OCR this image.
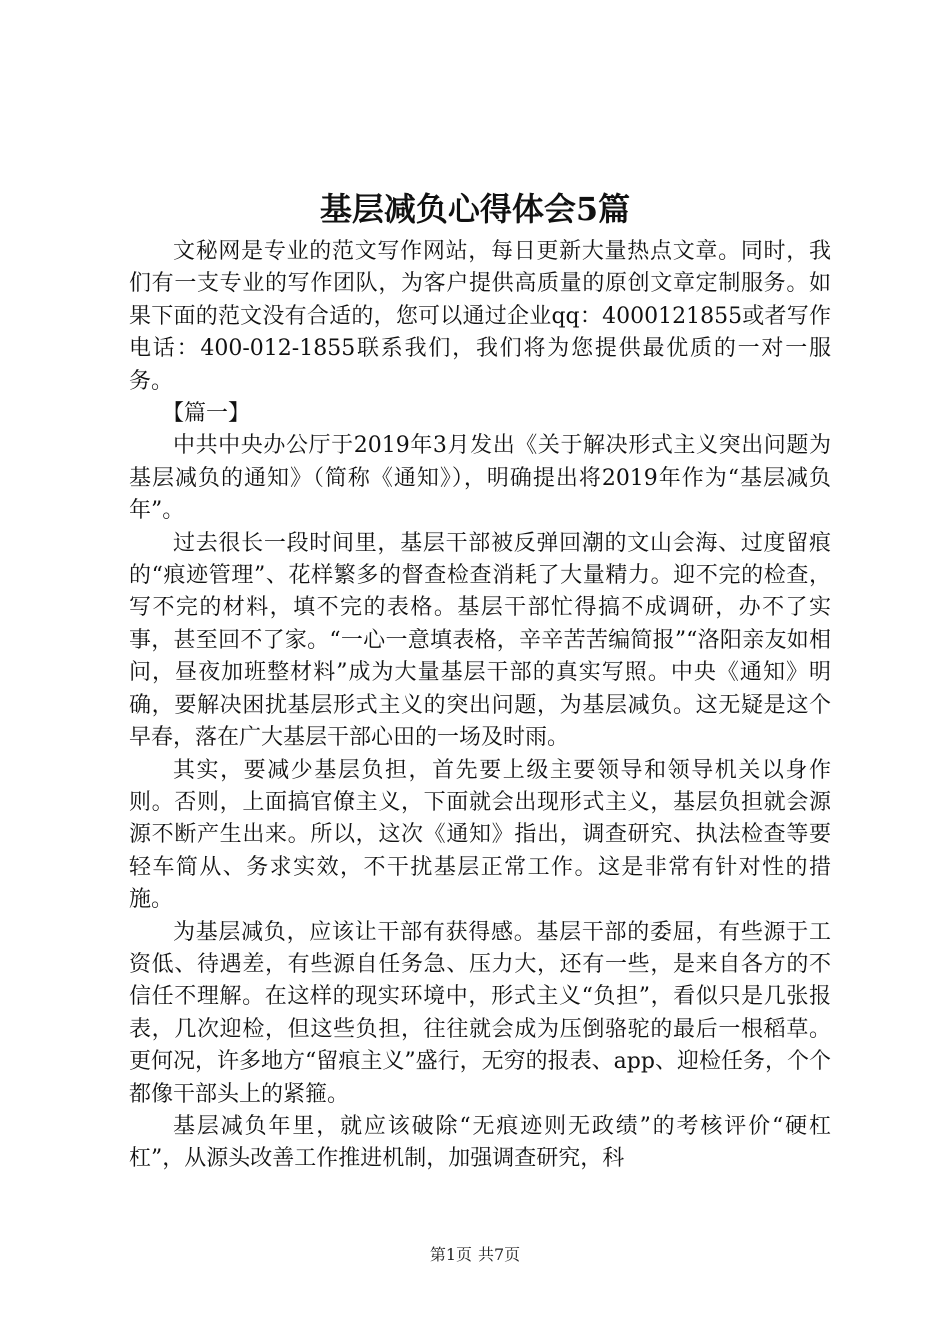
基层减负心得体会5篇

文秘网是专业的范文写作网站，每日更新大量热点文章。同时，我们有一支专业的写作团队，为客户提供高质量的原创文章定制服务。如果下面的范文没有合适的，您可以通过企业qq：4000121855或者写作电话：400-012-1855联系我们，我们将为您提供最优质的一对一服务。

【篇一】

中共中央办公厅于2019年3月发出《关于解决形式主义突出问题为基层减负的通知》（简称《通知》），明确提出将2019年作为“基层减负年”。

过去很长一段时间里，基层干部被反弹回潮的文山会海、过度留痕的“痕迹管理”、花样繁多的督查检查消耗了大量精力。迎不完的检查，写不完的材料，填不完的表格。基层干部忙得搞不成调研，办不了实事，甚至回不了家。“一心一意填表格，辛辛苦苦编简报”“洛阳亲友如相问，昼夜加班整材料”成为大量基层干部的真实写照。中央《通知》明确，要解决困扰基层形式主义的突出问题，为基层减负。这无疑是这个早春，落在广大基层干部心田的一场及时雨。

其实，要减少基层负担，首先要上级主要领导和领导机关以身作则。否则，上面搞官僚主义，下面就会出现形式主义，基层负担就会源源不断产生出来。所以，这次《通知》指出，调查研究、执法检查等要轻车简从、务求实效，不干扰基层正常工作。这是非常有针对性的措施。

为基层减负，应该让干部有获得感。基层干部的委屈，有些源于工资低、待遇差，有些源自任务急、压力大，还有一些，是来自各方的不信任不理解。在这样的现实环境中，形式主义“负担”，看似只是几张报表，几次迎检，但这些负担，往往就会成为压倒骆驼的最后一根稻草。更何况，许多地方“留痕主义”盛行，无穷的报表、app、迎检任务，个个都像干部头上的紧箍。

基层减负年里，就应该破除“无痕迹则无政绩”的考核评价“硬杠杠”，从源头改善工作推进机制，加强调查研究，科

第1页 共7页
